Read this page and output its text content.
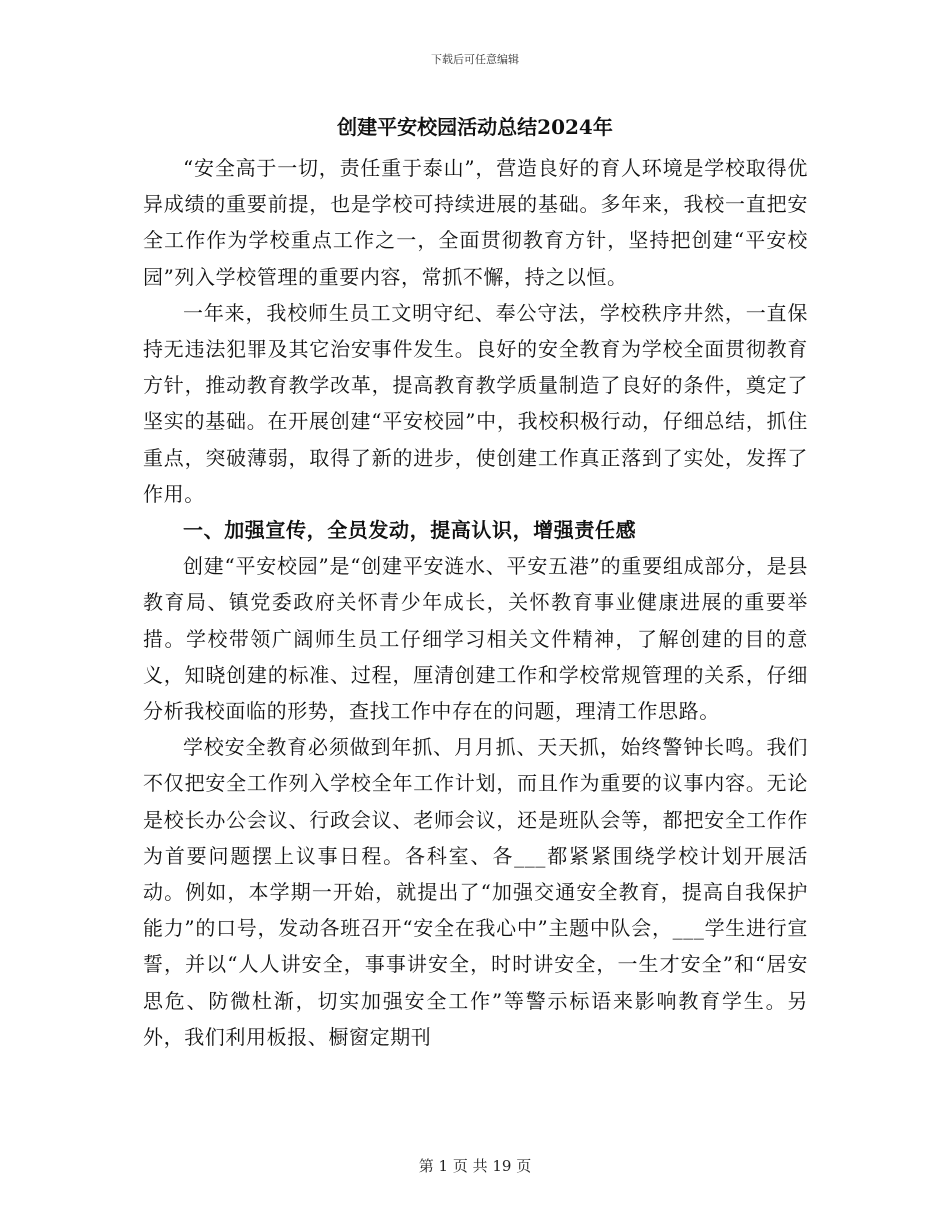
下载后可任意编辑
创建平安校园活动总结2024年

“安全高于一切，责任重于泰山”，营造良好的育人环境是学校取得优异成绩的重要前提，也是学校可持续进展的基础。多年来，我校一直把安全工作作为学校重点工作之一，全面贯彻教育方针，坚持把创建“平安校园”列入学校管理的重要内容，常抓不懈，持之以恒。

一年来，我校师生员工文明守纪、奉公守法，学校秩序井然，一直保持无违法犯罪及其它治安事件发生。良好的安全教育为学校全面贯彻教育方针，推动教育教学改革，提高教育教学质量制造了良好的条件，奠定了坚实的基础。在开展创建“平安校园”中，我校积极行动，仔细总结，抓住重点，突破薄弱，取得了新的进步，使创建工作真正落到了实处，发挥了作用。

一、加强宣传，全员发动，提高认识，增强责任感

创建“平安校园”是“创建平安涟水、平安五港”的重要组成部分，是县教育局、镇党委政府关怀青少年成长，关怀教育事业健康进展的重要举措。学校带领广阔师生员工仔细学习相关文件精神，了解创建的目的意义，知晓创建的标准、过程，厘清创建工作和学校常规管理的关系，仔细分析我校面临的形势，查找工作中存在的问题，理清工作思路。

学校安全教育必须做到年抓、月月抓、天天抓，始终警钟长鸣。我们不仅把安全工作列入学校全年工作计划，而且作为重要的议事内容。无论是校长办公会议、行政会议、老师会议，还是班队会等，都把安全工作作为首要问题摆上议事日程。各科室、各___都紧紧围绕学校计划开展活动。例如，本学期一开始，就提出了“加强交通安全教育，提高自我保护能力”的口号，发动各班召开“安全在我心中”主题中队会，___学生进行宣誓，并以“人人讲安全，事事讲安全，时时讲安全，一生才安全”和“居安思危、防微杜渐，切实加强安全工作”等警示标语来影响教育学生。另外，我们利用板报、橱窗定期刊

第 1 页 共 19 页
